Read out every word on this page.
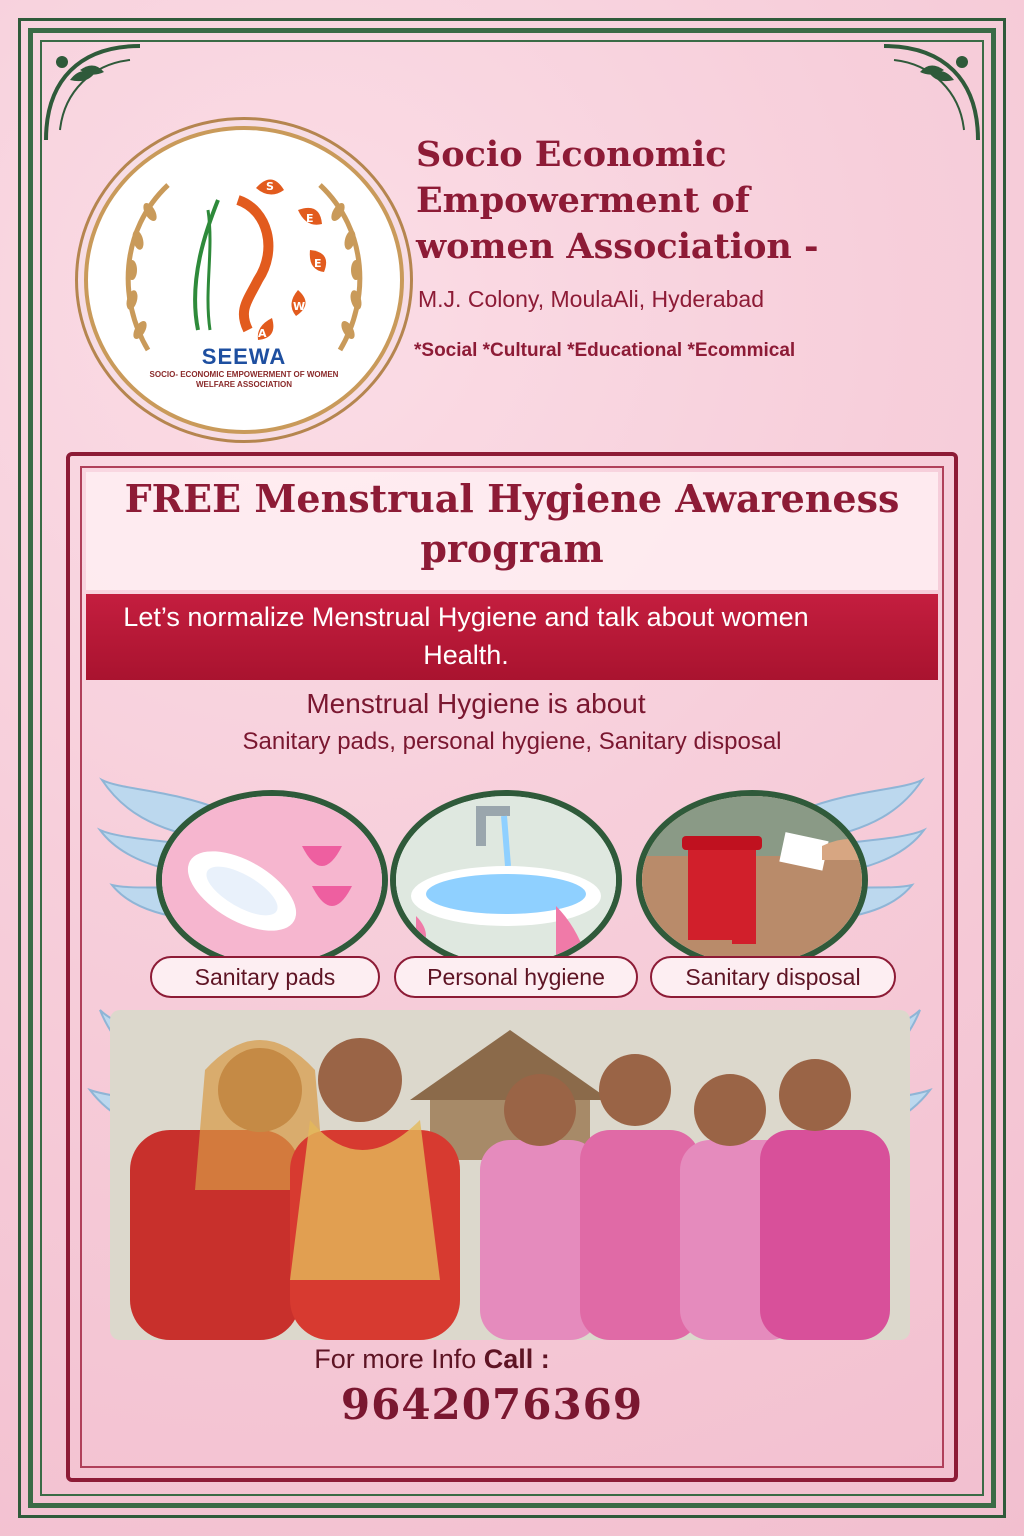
S
E
E
W
A
SEEWA
SOCIO- ECONOMIC EMPOWERMENT OF WOMEN WELFARE ASSOCIATION
Socio Economic Empowerment of women Association -
M.J. Colony, MoulaAli, Hyderabad
*Social *Cultural *Educational *Ecommical
FREE Menstrual Hygiene Awareness program
Let’s normalize Menstrual Hygiene and talk about women Health.
Menstrual Hygiene is about
Sanitary pads, personal hygiene, Sanitary disposal
Sanitary pads	Personal hygiene	Sanitary disposal
For more Info Call :
9642076369
